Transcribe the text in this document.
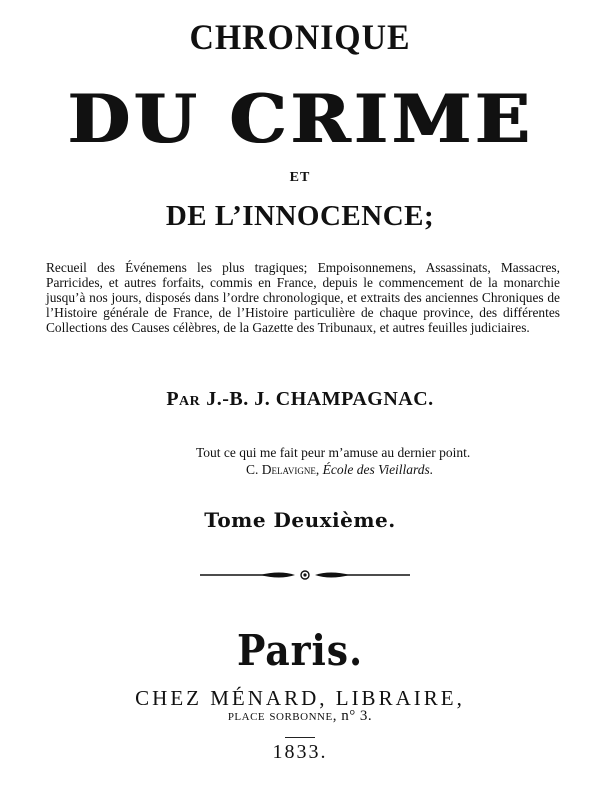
CHRONIQUE
DU CRIME
ET
DE L’INNOCENCE;
Recueil des Événemens les plus tragiques; Empoisonnemens, Assassinats, Massacres, Parricides, et autres forfaits, commis en France, depuis le commencement de la monarchie jusqu’à nos jours, disposés dans l’ordre chronologique, et extraits des anciennes Chroniques de l’Histoire générale de France, de l’Histoire particulière de chaque province, des différentes Collections des Causes célèbres, de la Gazette des Tribunaux, et autres feuilles judiciaires.
Par J.-B. J. CHAMPAGNAC.
Tout ce qui me fait peur m’amuse au dernier point.
C. Delavigne, École des Vieillards.
Tome Deuxième.
Paris.
CHEZ MÉNARD, LIBRAIRE,
place sorbonne, n° 3.
1833.
